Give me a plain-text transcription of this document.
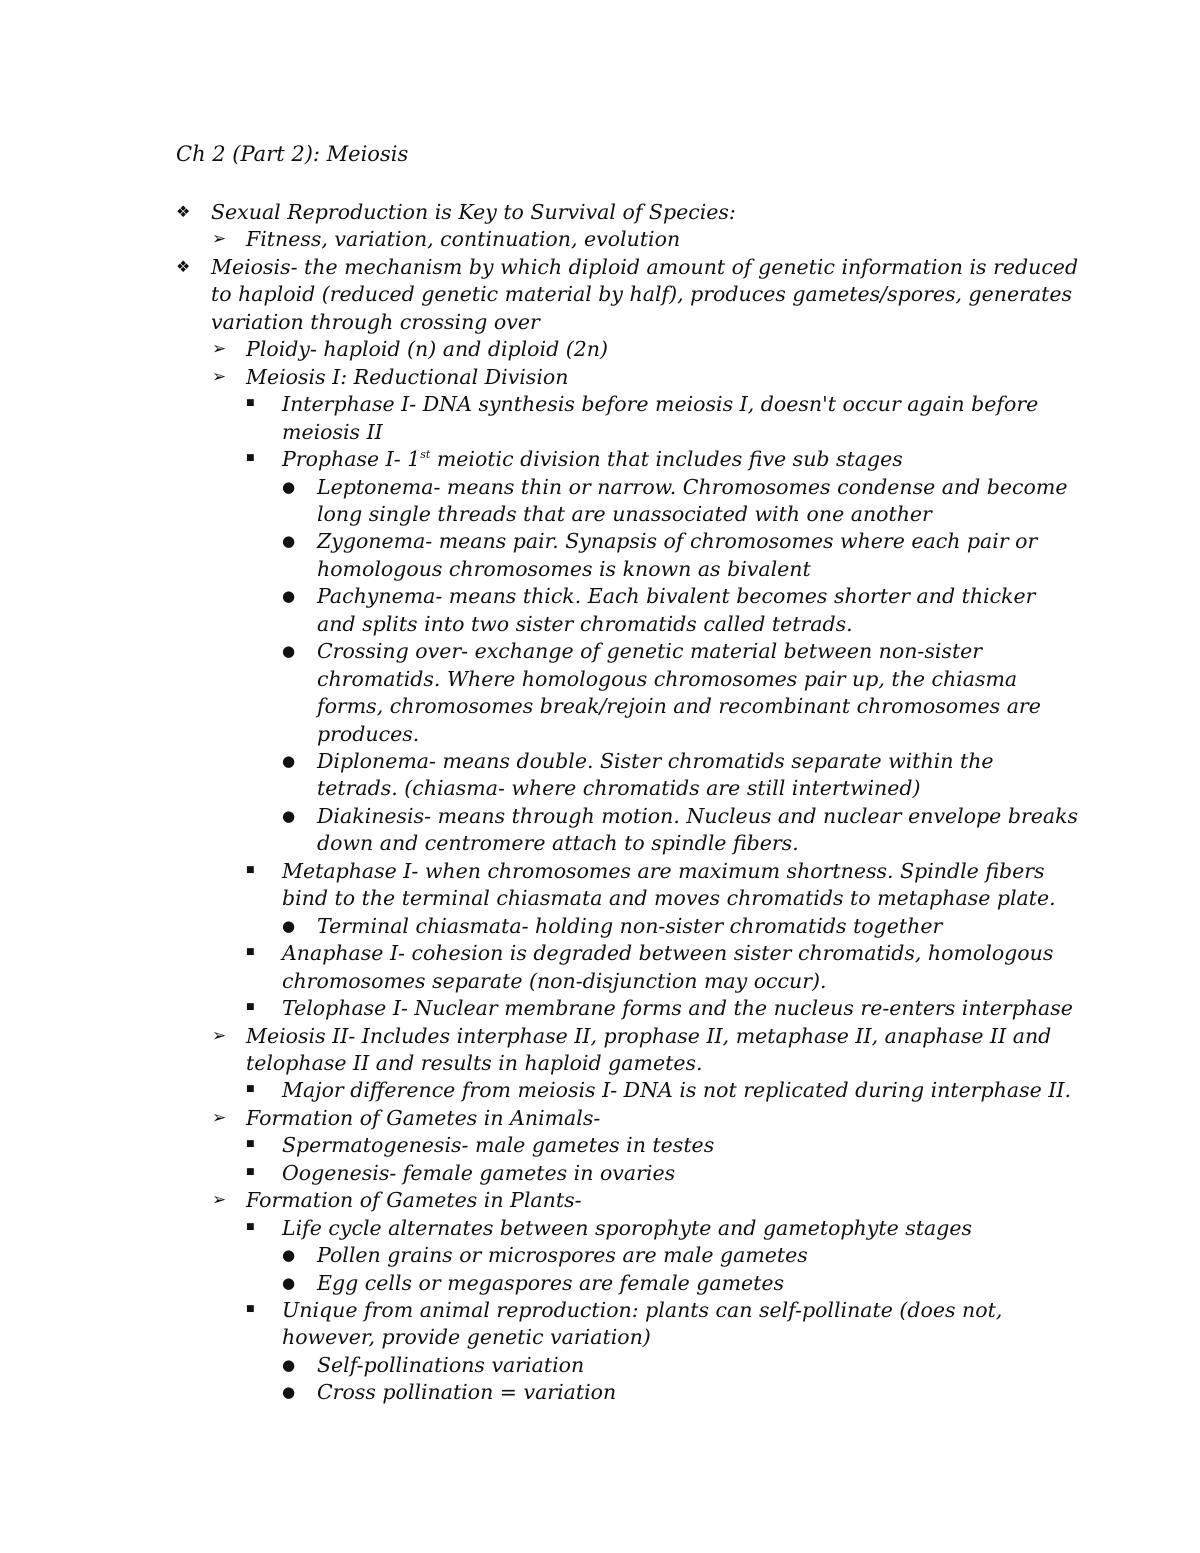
Ch 2 (Part 2): Meiosis
❖ Sexual Reproduction is Key to Survival of Species:
➢ Fitness, variation, continuation, evolution
❖ Meiosis- the mechanism by which diploid amount of genetic information is reduced
to haploid (reduced genetic material by half), produces gametes/spores, generates
variation through crossing over
➢ Ploidy- haploid (n) and diploid (2n)
➢ Meiosis I: Reductional Division
■ Interphase I- DNA synthesis before meiosis I, doesn't occur again before
meiosis II
■ Prophase I- 1st meiotic division that includes five sub stages
● Leptonema- means thin or narrow. Chromosomes condense and become
long single threads that are unassociated with one another
● Zygonema- means pair. Synapsis of chromosomes where each pair or
homologous chromosomes is known as bivalent
● Pachynema- means thick. Each bivalent becomes shorter and thicker
and splits into two sister chromatids called tetrads.
● Crossing over- exchange of genetic material between non-sister
chromatids. Where homologous chromosomes pair up, the chiasma
forms, chromosomes break/rejoin and recombinant chromosomes are
produces.
● Diplonema- means double. Sister chromatids separate within the
tetrads. (chiasma- where chromatids are still intertwined)
● Diakinesis- means through motion. Nucleus and nuclear envelope breaks
down and centromere attach to spindle fibers.
■ Metaphase I- when chromosomes are maximum shortness. Spindle fibers
bind to the terminal chiasmata and moves chromatids to metaphase plate.
● Terminal chiasmata- holding non-sister chromatids together
■ Anaphase I- cohesion is degraded between sister chromatids, homologous
chromosomes separate (non-disjunction may occur).
■ Telophase I- Nuclear membrane forms and the nucleus re-enters interphase
➢ Meiosis II- Includes interphase II, prophase II, metaphase II, anaphase II and
telophase II and results in haploid gametes.
■ Major difference from meiosis I- DNA is not replicated during interphase II.
➢ Formation of Gametes in Animals-
■ Spermatogenesis- male gametes in testes
■ Oogenesis- female gametes in ovaries
➢ Formation of Gametes in Plants-
■ Life cycle alternates between sporophyte and gametophyte stages
● Pollen grains or microspores are male gametes
● Egg cells or megaspores are female gametes
■ Unique from animal reproduction: plants can self-pollinate (does not,
however, provide genetic variation)
● Self-pollinations variation
● Cross pollination = variation
